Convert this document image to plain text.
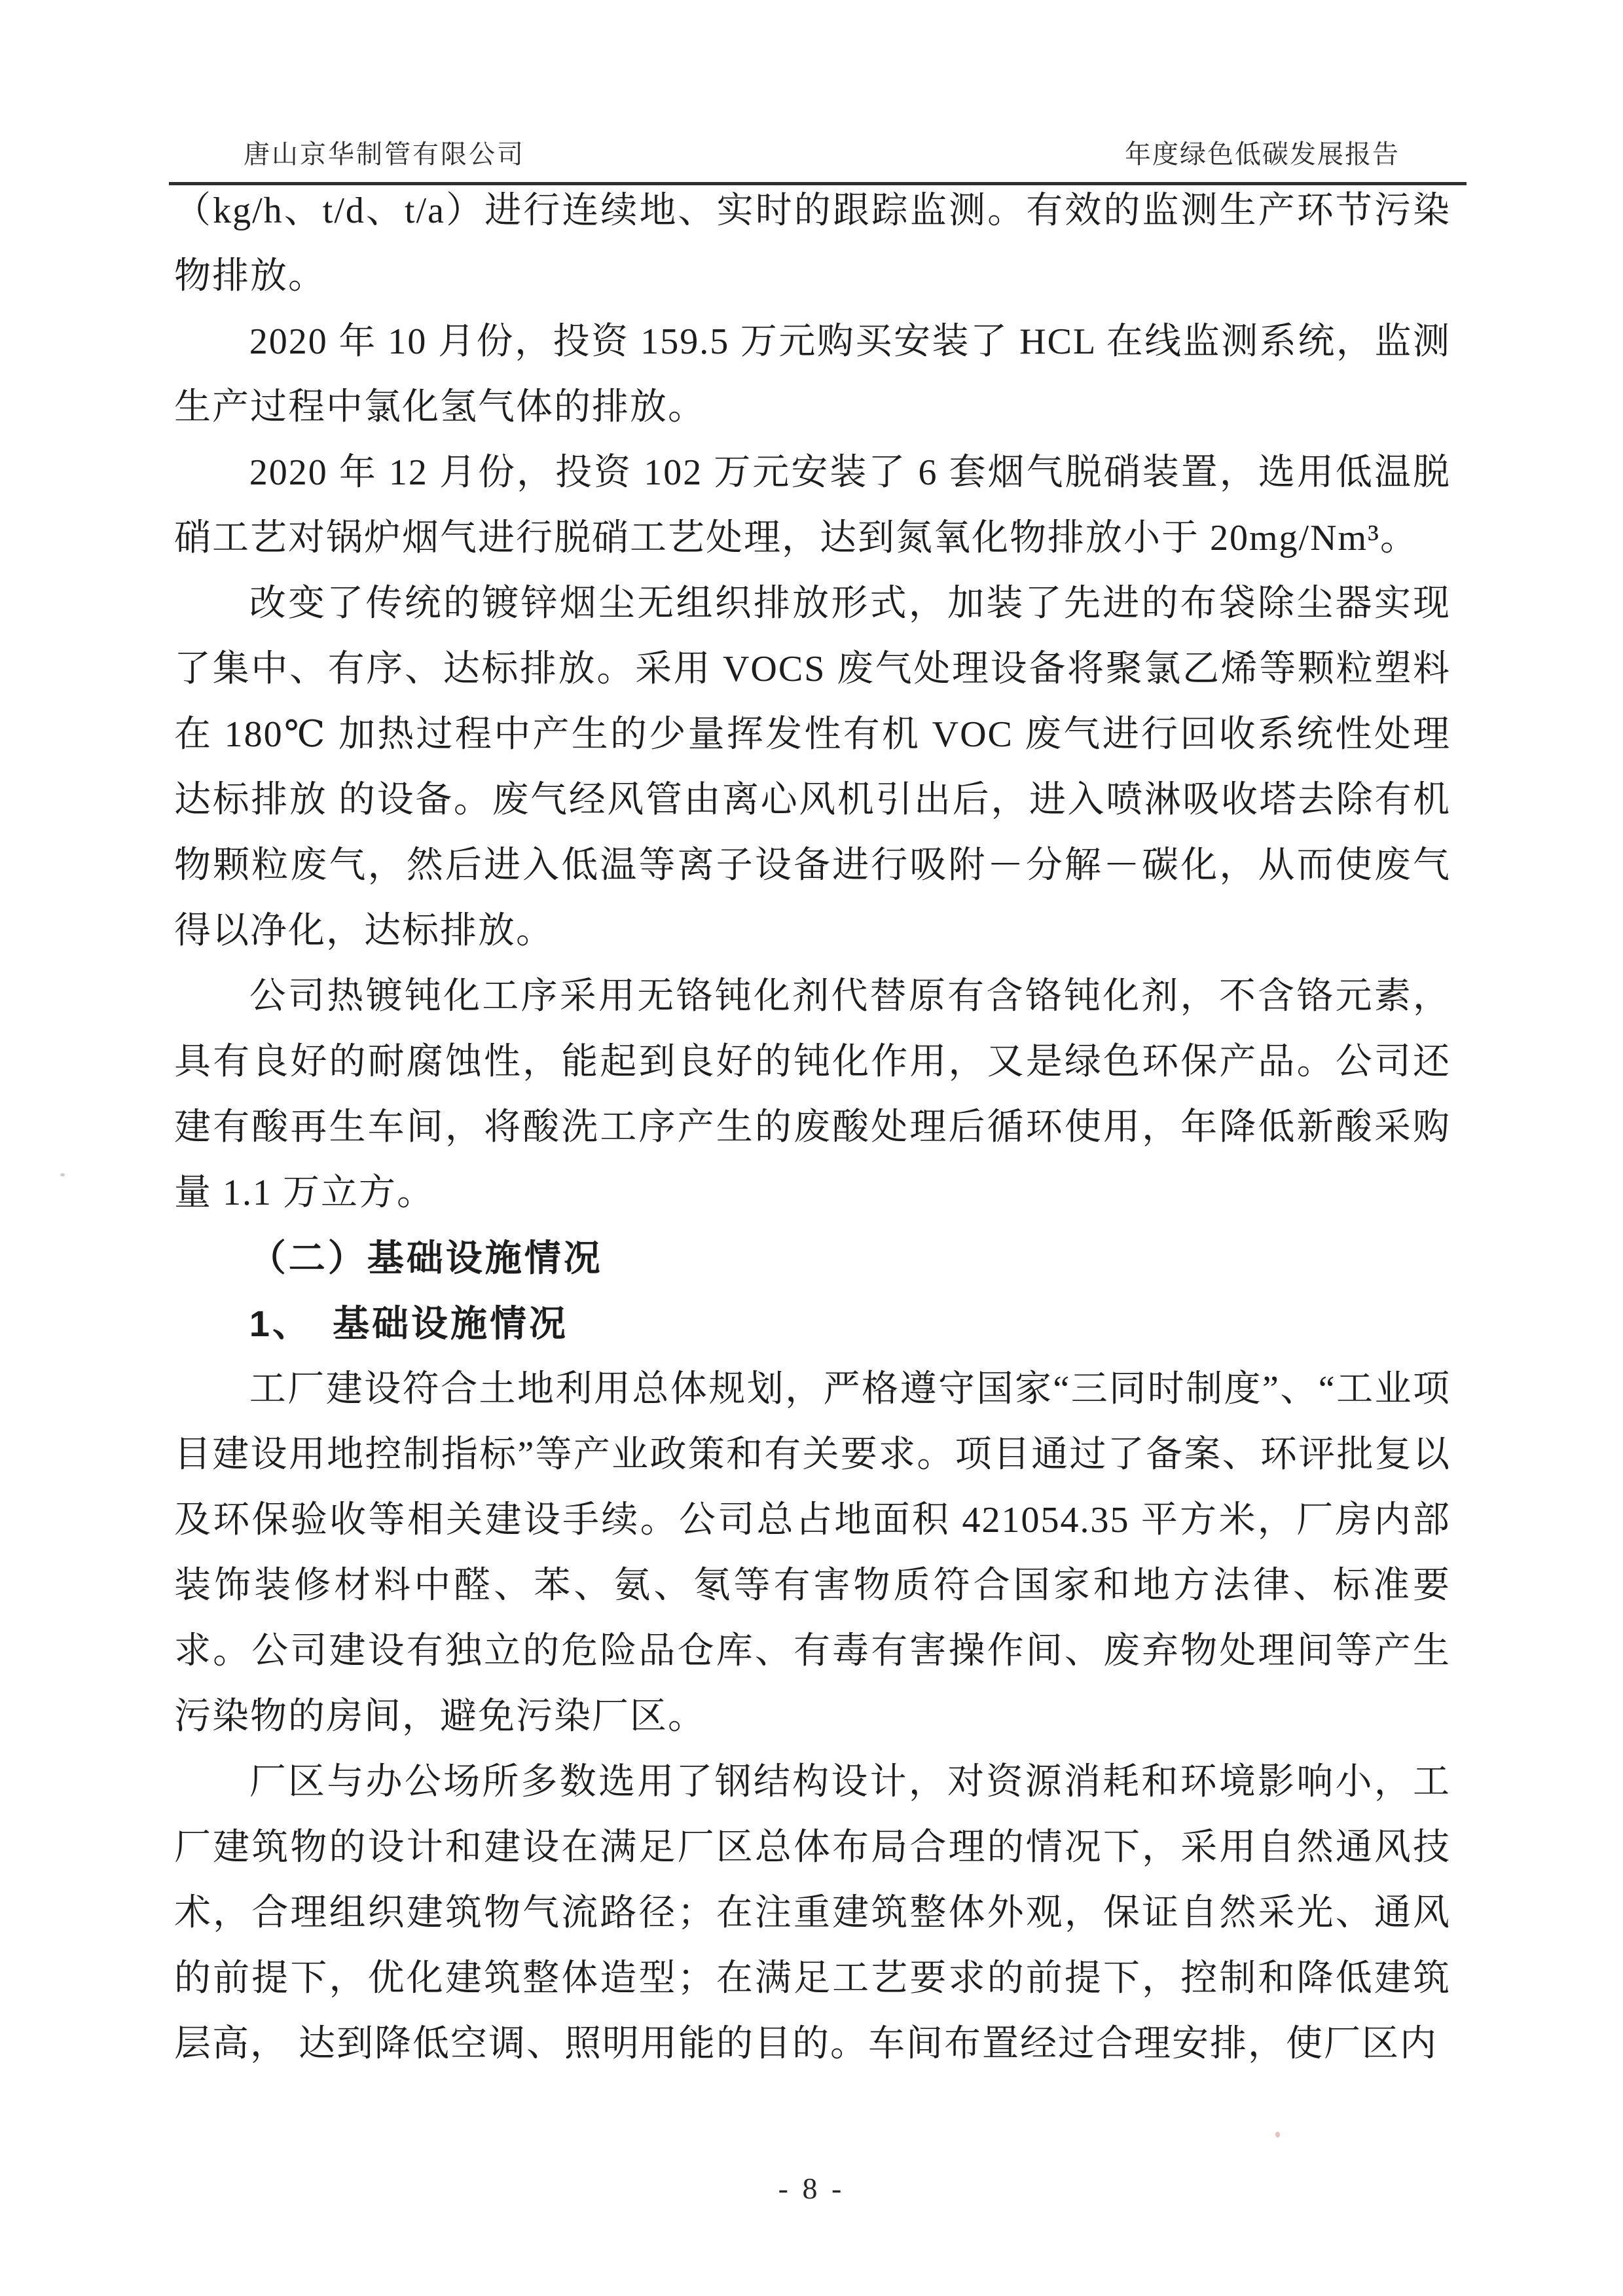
唐山京华制管有限公司	年度绿色低碳发展报告

（kg/h、t/d、t/a）进行连续地、实时的跟踪监测。有效的监测生产环节污染物排放。

2020 年 10 月份，投资 159.5 万元购买安装了 HCL 在线监测系统，监测生产过程中氯化氢气体的排放。

2020 年 12 月份，投资 102 万元安装了 6 套烟气脱硝装置，选用低温脱硝工艺对锅炉烟气进行脱硝工艺处理，达到氮氧化物排放小于 20mg/Nm³。

改变了传统的镀锌烟尘无组织排放形式，加装了先进的布袋除尘器实现了集中、有序、达标排放。采用 VOCS 废气处理设备将聚氯乙烯等颗粒塑料在 180℃ 加热过程中产生的少量挥发性有机 VOC 废气进行回收系统性处理达标排放 的设备。废气经风管由离心风机引出后，进入喷淋吸收塔去除有机物颗粒废气，然后进入低温等离子设备进行吸附－分解－碳化，从而使废气得以净化，达标排放。

公司热镀钝化工序采用无铬钝化剂代替原有含铬钝化剂，不含铬元素，具有良好的耐腐蚀性，能起到良好的钝化作用，又是绿色环保产品。公司还建有酸再生车间，将酸洗工序产生的废酸处理后循环使用，年降低新酸采购量 1.1 万立方。

（二）基础设施情况

1、　基础设施情况

工厂建设符合土地利用总体规划，严格遵守国家“三同时制度”、“工业项目建设用地控制指标”等产业政策和有关要求。项目通过了备案、环评批复以及环保验收等相关建设手续。公司总占地面积 421054.35 平方米，厂房内部装饰装修材料中醛、苯、氨、氡等有害物质符合国家和地方法律、标准要求。公司建设有独立的危险品仓库、有毒有害操作间、废弃物处理间等产生污染物的房间，避免污染厂区。

厂区与办公场所多数选用了钢结构设计，对资源消耗和环境影响小，工厂建筑物的设计和建设在满足厂区总体布局合理的情况下，采用自然通风技术，合理组织建筑物气流路径；在注重建筑整体外观，保证自然采光、通风的前提下，优化建筑整体造型；在满足工艺要求的前提下，控制和降低建筑层高， 达到降低空调、照明用能的目的。车间布置经过合理安排，使厂区内

- 8 -
